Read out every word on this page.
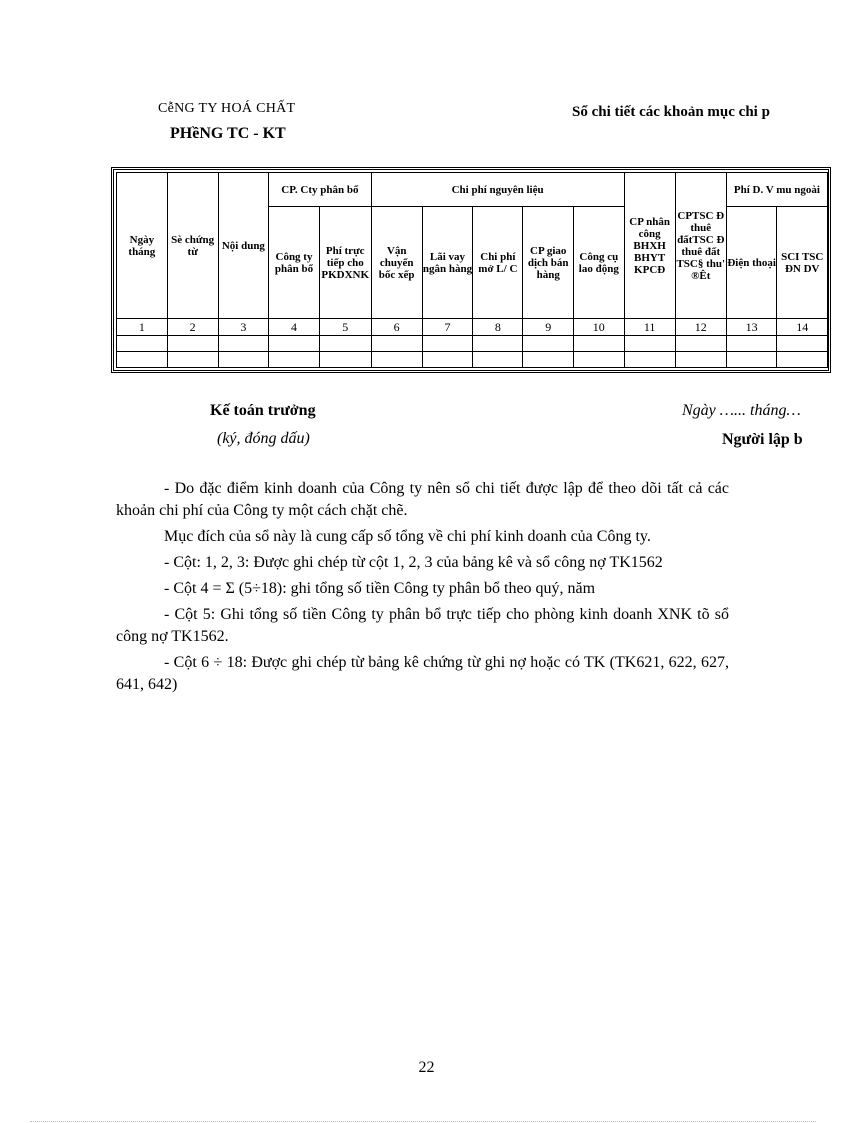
CễNG TY HOÁ CHẤT
PHềNG TC - KT
Sổ chi tiết các khoản mục chi p
Ngày tháng	Sè chứng từ	Nội dung	CP. Cty phân bổ		Chi phí nguyên liệu					CP nhân công BHXH BHYT KPCĐ	CPTSC Đ thuê đấtTSC Đ thuê đất TSC§ thu' ®Êt	Phí D. V mu ngoài	
			Công ty phân bổ	Phí trực tiếp cho PKDXNK	Vận chuyển bốc xếp	Lãi vay ngân hàng	Chi phí mở L/ C	CP giao dịch bán hàng	Công cụ lao động			Điện thoại	SCI TSC ĐN DV
1	2	3	4	5	6	7	8	9	10	11	12	13	14

Kế toán trưởng
(ký, đóng dấu)
Ngày …... tháng…
Người lập b

- Do đặc điểm kinh doanh của Công ty nên sổ chi tiết được lập để theo dõi tất cả các khoản chi phí của Công ty một cách chặt chẽ.

Mục đích của sổ này là cung cấp số tổng về chi phí kinh doanh của Công ty.

- Cột: 1, 2, 3: Được ghi chép từ cột 1, 2, 3 của bảng kê và sổ công nợ TK1562

- Cột 4 = Σ (5÷18): ghi tổng số tiền Công ty phân bổ theo quý, năm

- Cột 5: Ghi tổng số tiền Công ty phân bổ trực tiếp cho phòng kinh doanh XNK tõ sổ công nợ TK1562.

- Cột 6 ÷ 18: Được ghi chép từ bảng kê chứng từ ghi nợ hoặc có TK (TK621, 622, 627, 641, 642)

22
